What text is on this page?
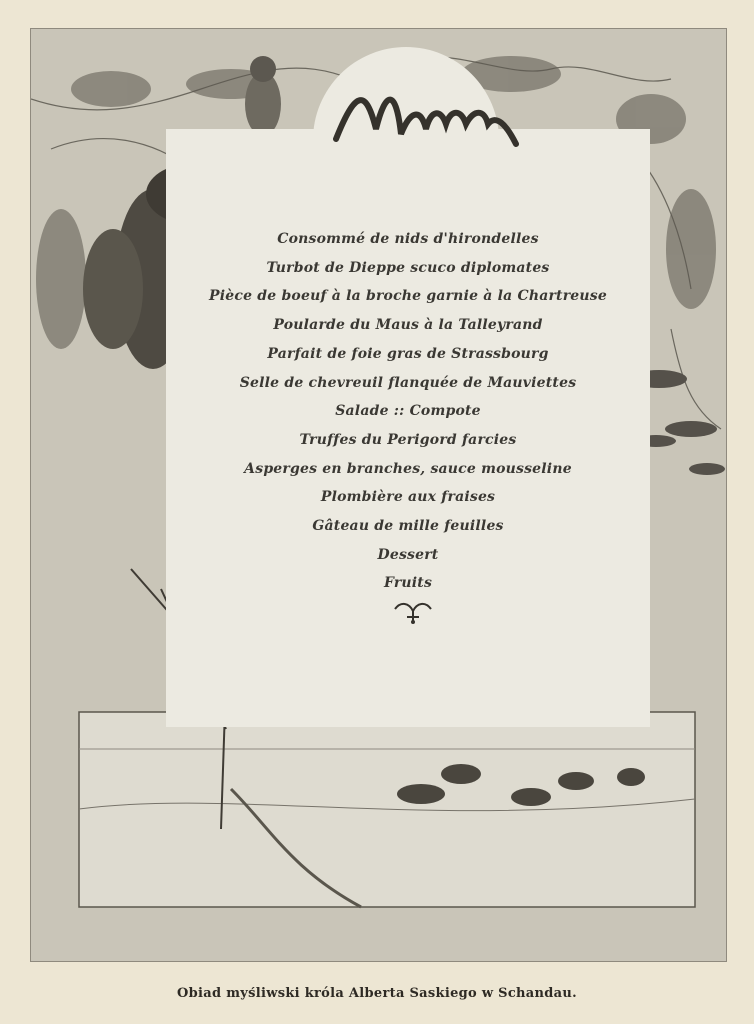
Menu
Consommé de nids d'hirondelles
Turbot de Dieppe scuco diplomates
Pièce de boeuf à la broche garnie à la Chartreuse
Poularde du Maus à la Talleyrand
Parfait de foie gras de Strassbourg
Selle de chevreuil flanquée de Mauviettes
Salade :: Compote
Truffes du Perigord farcies
Asperges en branches, sauce mousseline
Plombière aux fraises
Gâteau de mille feuilles
Dessert
Fruits
Obiad myśliwski króla Alberta Saskiego w Schandau.
